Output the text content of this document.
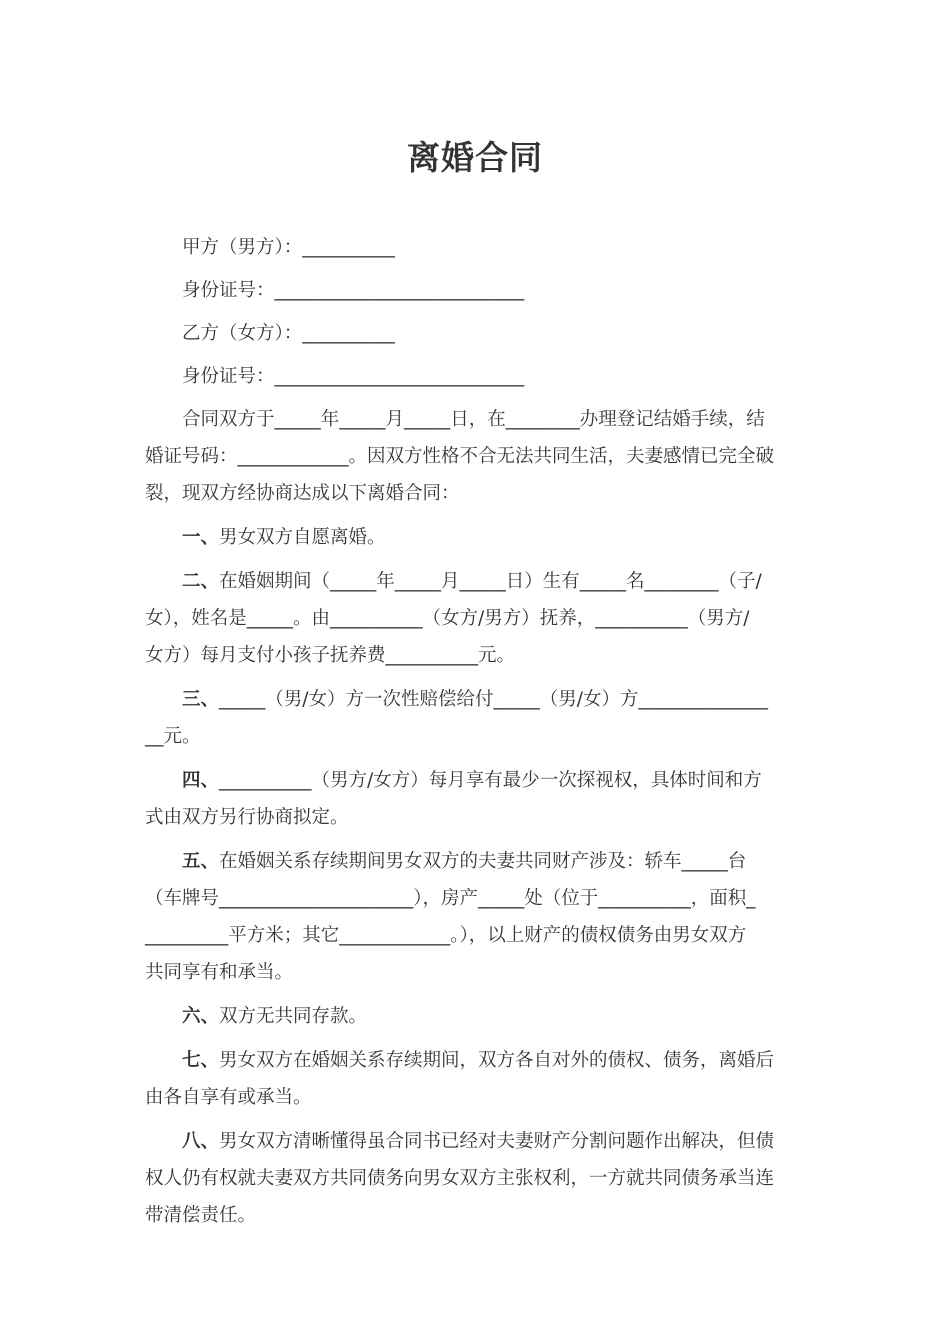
离婚合同
甲方（男方）：__________
身份证号：___________________________
乙方（女方）：__________
身份证号：___________________________
合同双方于_____年_____月_____日，在________办理登记结婚手续，结
婚证号码：____________。因双方性格不合无法共同生活，夫妻感情已完全破
裂，现双方经协商达成以下离婚合同：
一、男女双方自愿离婚。
二、在婚姻期间（_____年_____月_____日）生有_____名________（子/
女），姓名是_____。由__________（女方/男方）抚养，__________（男方/
女方）每月支付小孩子抚养费__________元。
三、_____（男/女）方一次性赔偿给付_____（男/女）方______________
__元。
四、__________（男方/女方）每月享有最少一次探视权，具体时间和方
式由双方另行协商拟定。
五、在婚姻关系存续期间男女双方的夫妻共同财产涉及：轿车_____台
（车牌号_____________________），房产_____处（位于__________，面积_
_________平方米；其它____________。），以上财产的债权债务由男女双方
共同享有和承当。
六、双方无共同存款。
七、男女双方在婚姻关系存续期间，双方各自对外的债权、债务，离婚后
由各自享有或承当。
八、男女双方清晰懂得虽合同书已经对夫妻财产分割问题作出解决，但债
权人仍有权就夫妻双方共同债务向男女双方主张权利，一方就共同债务承当连
带清偿责任。
